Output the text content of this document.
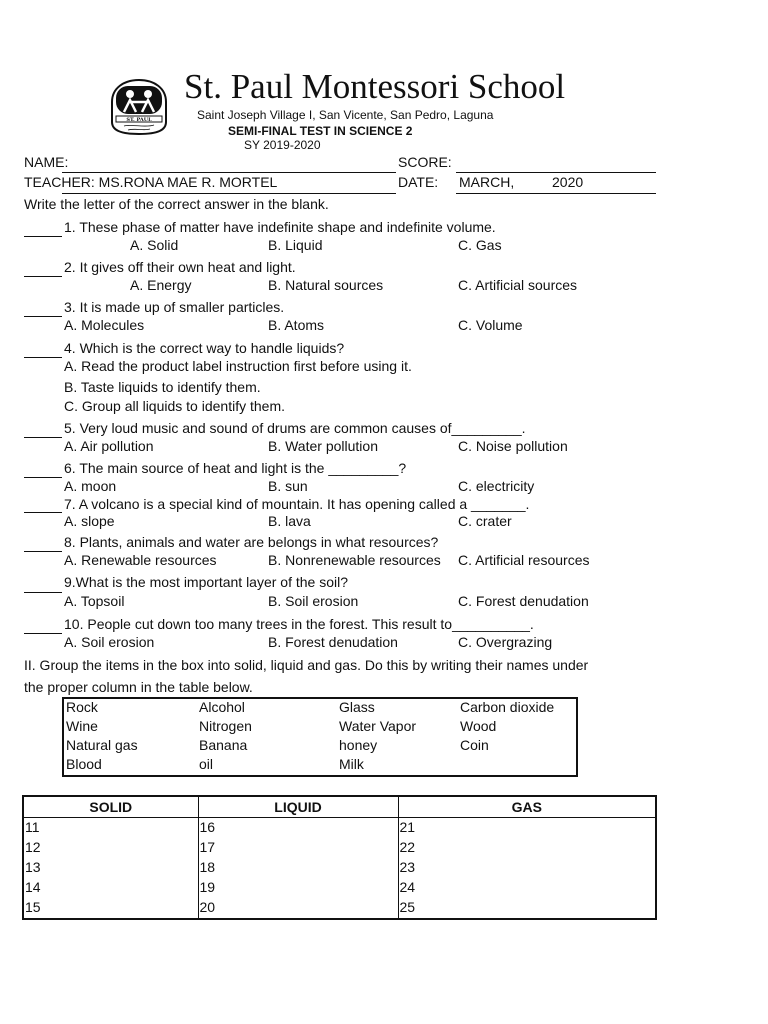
ST. PAUL
St. Paul Montessori School
Saint Joseph Village I, San Vicente, San Pedro, Laguna
SEMI-FINAL TEST IN SCIENCE 2
SY 2019-2020
NAME:	SCORE:
TEACHER: MS.RONA MAE R. MORTEL	DATE: MARCH,	2020
Write the letter of the correct answer in the blank.
1. These phase of matter have indefinite shape and indefinite volume.
A. Solid	B. Liquid	C. Gas
2. It gives off their own heat and light.
A. Energy	B. Natural sources	C. Artificial sources
3. It is made up of smaller particles.
A. Molecules	B. Atoms	C. Volume
4. Which is the correct way to handle liquids?
A. Read the product label instruction first before using it.
B. Taste liquids to identify them.
C. Group all liquids to identify them.
5. Very loud music and sound of drums are common causes of_________.
A. Air pollution	B. Water pollution	C. Noise pollution
6. The main source of heat and light is the _________?
A. moon	B. sun	C. electricity
7. A volcano is a special kind of mountain. It has opening called a _______.
A. slope	B. lava	C. crater
8. Plants, animals and water are belongs in what resources?
A. Renewable resources	B. Nonrenewable resources C. Artificial resources
9.What is the most important layer of the soil?
A. Topsoil	B. Soil erosion	C. Forest denudation
10. People cut down too many trees in the forest. This result to__________.
A. Soil erosion	B. Forest denudation	C. Overgrazing
II. Group the items in the box into solid, liquid and gas. Do this by writing their names under
the proper column in the table below.
Rock	Alcohol	Glass	Carbon dioxide
Wine	Nitrogen	Water Vapor	Wood
Natural gas	Banana	honey	Coin
Blood	oil	Milk	
SOLID	LIQUID	GAS
11	16	21
12	17	22
13	18	23
14	19	24
15	20	25
